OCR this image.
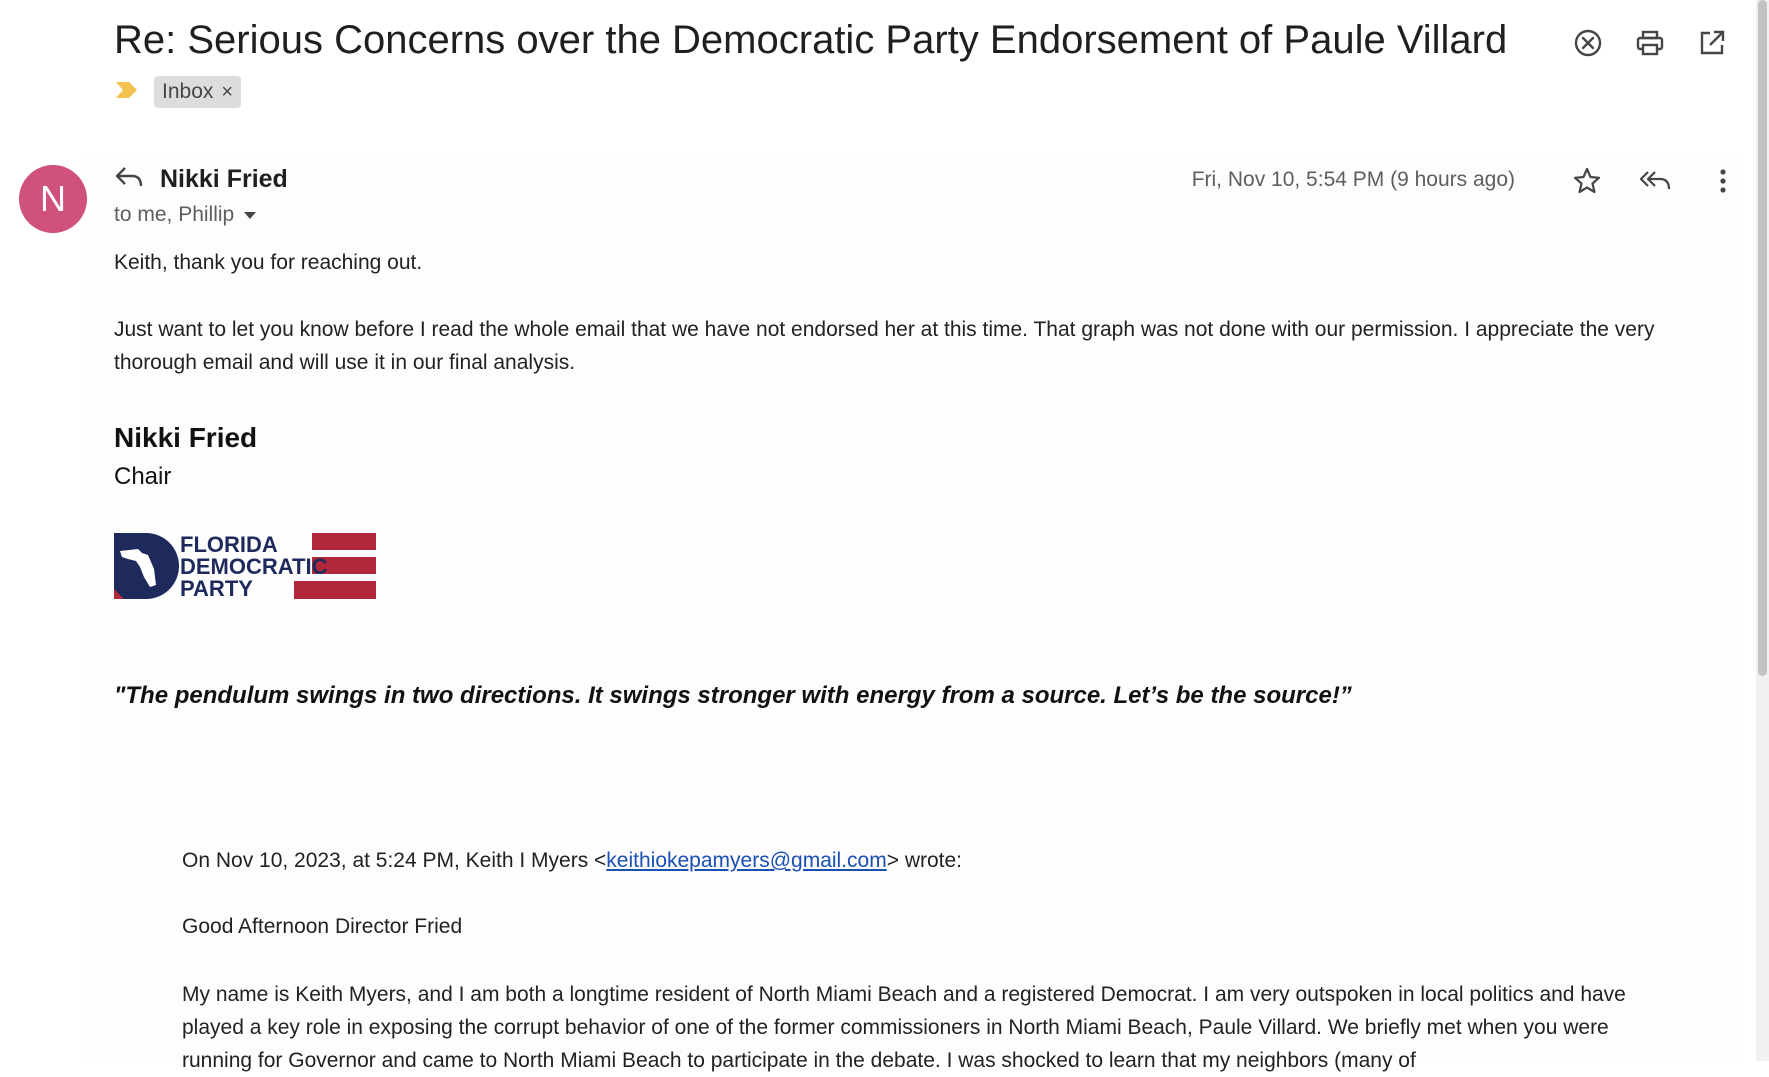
Re: Serious Concerns over the Democratic Party Endorsement of Paule Villard
Inbox ×
N	Nikki Fried
to me, Phillip
Fri, Nov 10, 5:54 PM (9 hours ago)
Keith, thank you for reaching out.
Just want to let you know before I read the whole email that we have not endorsed her at this time. That graph was not done with our permission. I appreciate the very thorough email and will use it in our final analysis.
Nikki Fried
Chair
FLORIDA
DEMOCRATIC
PARTY
"The pendulum swings in two directions. It swings stronger with energy from a source. Let’s be the source!”
On Nov 10, 2023, at 5:24 PM, Keith I Myers <keithiokepamyers@gmail.com> wrote:
Good Afternoon Director Fried
My name is Keith Myers, and I am both a longtime resident of North Miami Beach and a registered Democrat. I am very outspoken in local politics and have played a key role in exposing the corrupt behavior of one of the former commissioners in North Miami Beach, Paule Villard. We briefly met when you were running for Governor and came to North Miami Beach to participate in the debate. I was shocked to learn that my neighbors (many of
